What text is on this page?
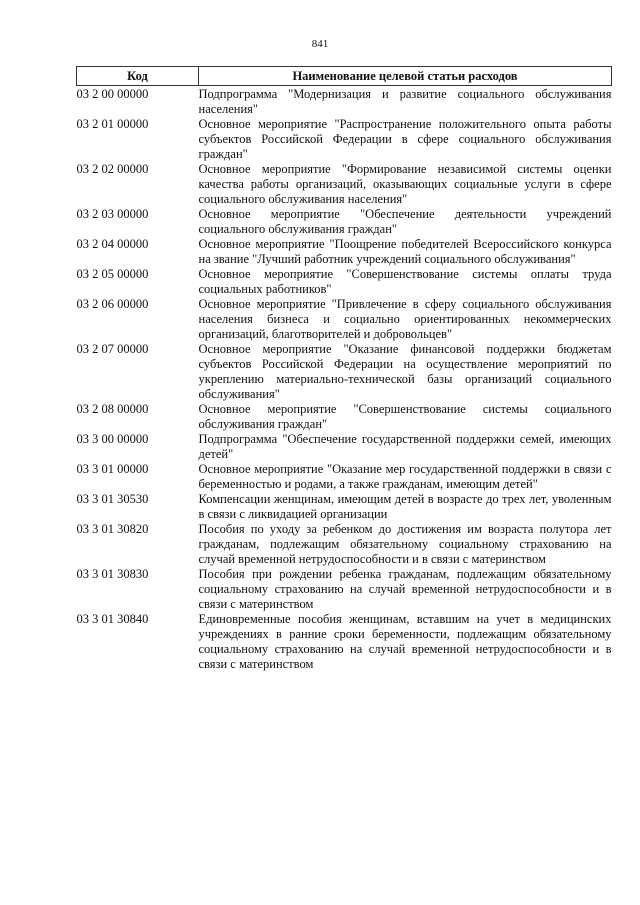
841
Код	Наименование целевой статьи расходов
03 2 00 00000	Подпрограмма "Модернизация и развитие социального обслуживания населения"
03 2 01 00000	Основное мероприятие "Распространение положительного опыта работы субъектов Российской Федерации в сфере социального обслуживания граждан"
03 2 02 00000	Основное мероприятие "Формирование независимой системы оценки качества работы организаций, оказывающих социальные услуги в сфере социального обслуживания населения"
03 2 03 00000	Основное мероприятие "Обеспечение деятельности учреждений социального обслуживания граждан"
03 2 04 00000	Основное мероприятие "Поощрение победителей Всероссийского конкурса на звание "Лучший работник учреждений социального обслуживания"
03 2 05 00000	Основное мероприятие "Совершенствование системы оплаты труда социальных работников"
03 2 06 00000	Основное мероприятие "Привлечение в сферу социального обслуживания населения бизнеса и социально ориентированных некоммерческих организаций, благотворителей и добровольцев"
03 2 07 00000	Основное мероприятие "Оказание финансовой поддержки бюджетам субъектов Российской Федерации на осуществление мероприятий по укреплению материально-технической базы организаций социального обслуживания"
03 2 08 00000	Основное мероприятие "Совершенствование системы социального обслуживания граждан"
03 3 00 00000	Подпрограмма "Обеспечение государственной поддержки семей, имеющих детей"
03 3 01 00000	Основное мероприятие "Оказание мер государственной поддержки в связи с беременностью и родами, а также гражданам, имеющим детей"
03 3 01 30530	Компенсации женщинам, имеющим детей в возрасте до трех лет, уволенным в связи с ликвидацией организации
03 3 01 30820	Пособия по уходу за ребенком до достижения им возраста полутора лет гражданам, подлежащим обязательному социальному страхованию на случай временной нетрудоспособности и в связи с материнством
03 3 01 30830	Пособия при рождении ребенка гражданам, подлежащим обязательному социальному страхованию на случай временной нетрудоспособности и в связи с материнством
03 3 01 30840	Единовременные пособия женщинам, вставшим на учет в медицинских учреждениях в ранние сроки беременности, подлежащим обязательному социальному страхованию на случай временной нетрудоспособности и в связи с материнством
